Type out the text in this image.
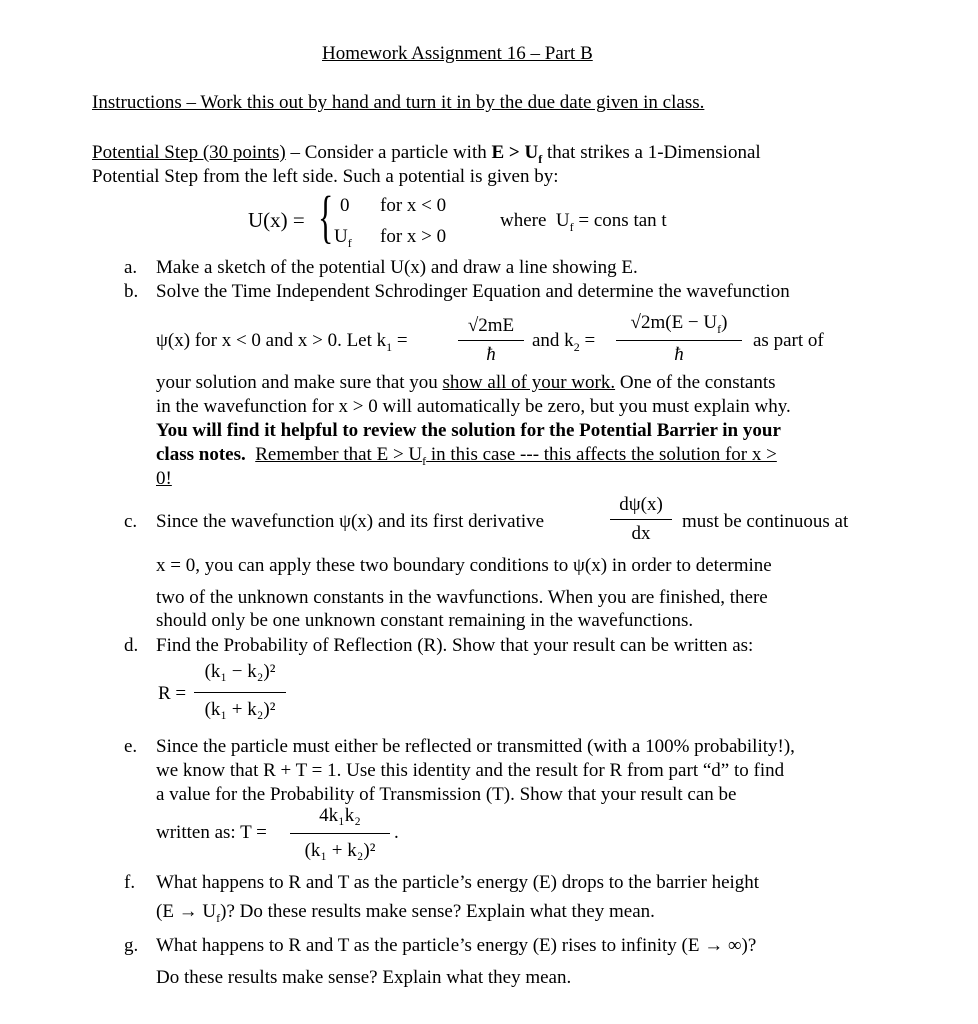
Homework Assignment 16 – Part B
Instructions – Work this out by hand and turn it in by the due date given in class.
Potential Step (30 points) – Consider a particle with $E > U_f$ that strikes a 1-Dimensional
Potential Step from the left side. Such a potential is given by:
U(x) = { 0 for x < 0
$U_f$ for x > 0
where $U_f$ = cons tan t
a. Make a sketch of the potential U(x) and draw a line showing E.
b. Solve the Time Independent Schrodinger Equation and determine the wavefunction
ψ(x) for x < 0 and x > 0. Let $k_1$ =
√2mE
ħ
and $k_2$ =
$√2m(E - U_f)$
ħ
as part of
your solution and make sure that you show all of your work. One of the constants
in the wavefunction for x > 0 will automatically be zero, but you must explain why.
You will find it helpful to review the solution for the Potential Barrier in your
class notes. Remember that $E > U_f$ in this case --- this affects the solution for x >
0!
c. Since the wavefunction ψ(x) and its first derivative
dψ(x)
dx
must be continuous at
x = 0, you can apply these two boundary conditions to ψ(x) in order to determine
two of the unknown constants in the wavfunctions. When you are finished, there
should only be one unknown constant remaining in the wavefunctions.
d. Find the Probability of Reflection (R). Show that your result can be written as:
R =
(k₁ − k₂)²
(k₁ + k₂)²
e. Since the particle must either be reflected or transmitted (with a 100% probability!),
we know that R + T = 1. Use this identity and the result for R from part “d” to find
a value for the Probability of Transmission (T). Show that your result can be
written as: T =
4k₁k₂
(k₁ + k₂)²
.
f. What happens to R and T as the particle’s energy (E) drops to the barrier height
$(E \to U_f)$? Do these results make sense? Explain what they mean.
g. What happens to R and T as the particle’s energy (E) rises to infinity (E → ∞)?
Do these results make sense? Explain what they mean.
